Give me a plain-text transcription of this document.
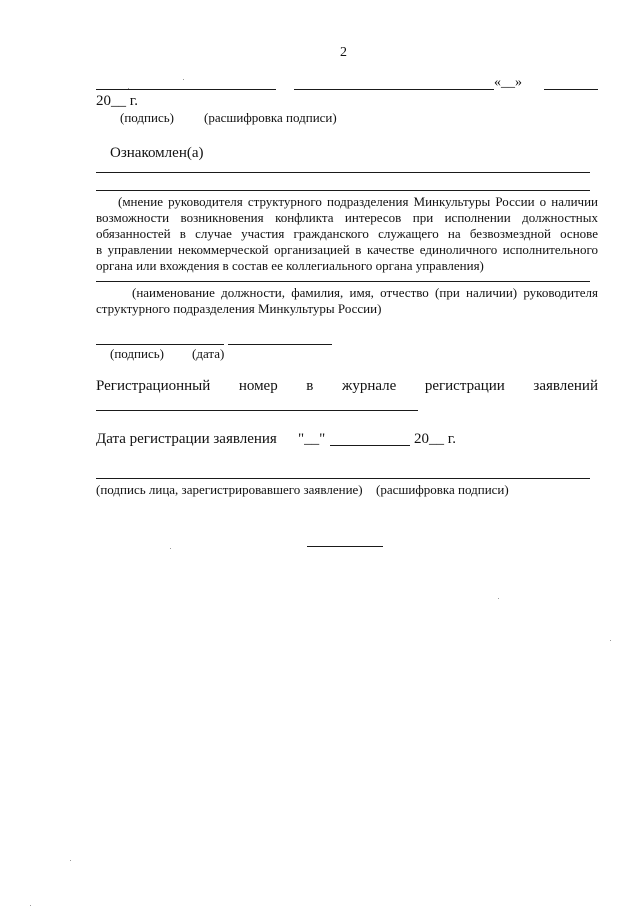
2
«__»
20__ г.
(подпись) (расшифровка подписи)
Ознакомлен(а)
(мнение руководителя структурного подразделения Минкультуры России о наличии
возможности возникновения конфликта интересов при исполнении должностных
обязанностей в случае участия гражданского служащего на безвозмездной основе
в управлении некоммерческой организацией в качестве единоличного исполнительного
органа или вхождения в состав ее коллегиального органа управления)
(наименование должности, фамилия, имя, отчество (при наличии) руководителя
структурного подразделения Минкультуры России)
(подпись) (дата)
Регистрационный номер в журнале регистрации заявлений
Дата регистрации заявления "__"	20__ г.
(подпись лица, зарегистрировавшего заявление) (расшифровка подписи)
